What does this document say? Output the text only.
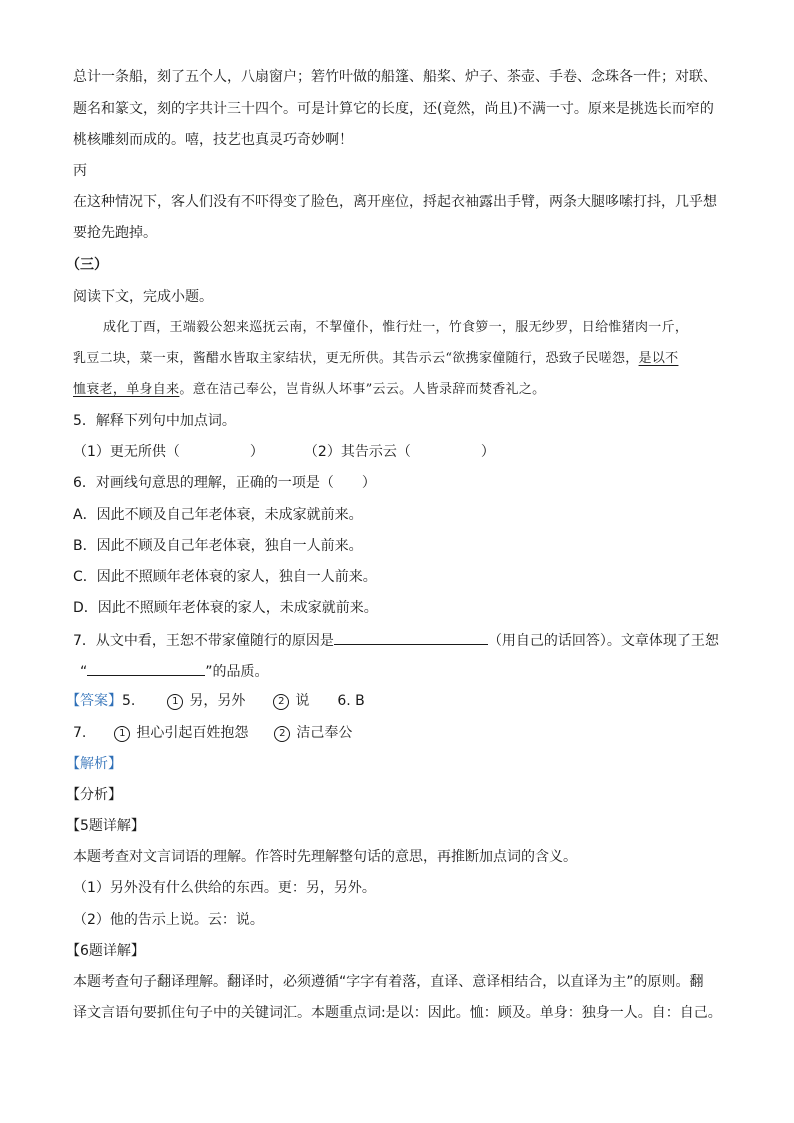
总计一条船，刻了五个人，八扇窗户；箬竹叶做的船篷、船桨、炉子、茶壶、手卷、念珠各一件；对联、
题名和篆文，刻的字共计三十四个。可是计算它的长度，还(竟然，尚且)不满一寸。原来是挑选长而窄的
桃核雕刻而成的。嘻，技艺也真灵巧奇妙啊！
丙
在这种情况下，客人们没有不吓得变了脸色，离开座位，捋起衣袖露出手臂，两条大腿哆嗦打抖，几乎想
要抢先跑掉。
（三）
阅读下文，完成小题。
成化丁酉，王端毅公恕来巡抚云南，不挈僮仆，惟行灶一，竹食箩一，服无纱罗，日给惟猪肉一斤，
乳豆二块，菜一束，酱醋水皆取主家结状，更无所供。其告示云“欲携家僮随行，恐致子民嗟怨，是以不
恤衰老，单身自来。意在洁己奉公，岂肯纵人坏事”云云。人皆录辞而焚香礼之。
5．解释下列句中加点词。
（1）更无所供（	）	（2）其告示云（	）
6．对画线句意思的理解，正确的一项是（　　）
A．因此不顾及自己年老体衰，未成家就前来。
B．因此不顾及自己年老体衰，独自一人前来。
C．因此不照顾年老体衰的家人，独自一人前来。
D．因此不照顾年老体衰的家人，未成家就前来。
7．从文中看，王恕不带家僮随行的原因是	（用自己的话回答）。文章体现了王恕
“	”的品质。
【答案】5.	1 另，另外	2 说 6. B
7.	1 担心引起百姓抱怨	2 洁己奉公
【解析】
【分析】
【5题详解】
本题考查对文言词语的理解。作答时先理解整句话的意思，再推断加点词的含义。
（1）另外没有什么供给的东西。更：另，另外。
（2）他的告示上说。云：说。
【6题详解】
本题考查句子翻译理解。翻译时，必须遵循“字字有着落，直译、意译相结合，以直译为主”的原则。翻
译文言语句要抓住句子中的关键词汇。本题重点词:是以：因此。恤：顾及。单身：独身一人。自：自己。
